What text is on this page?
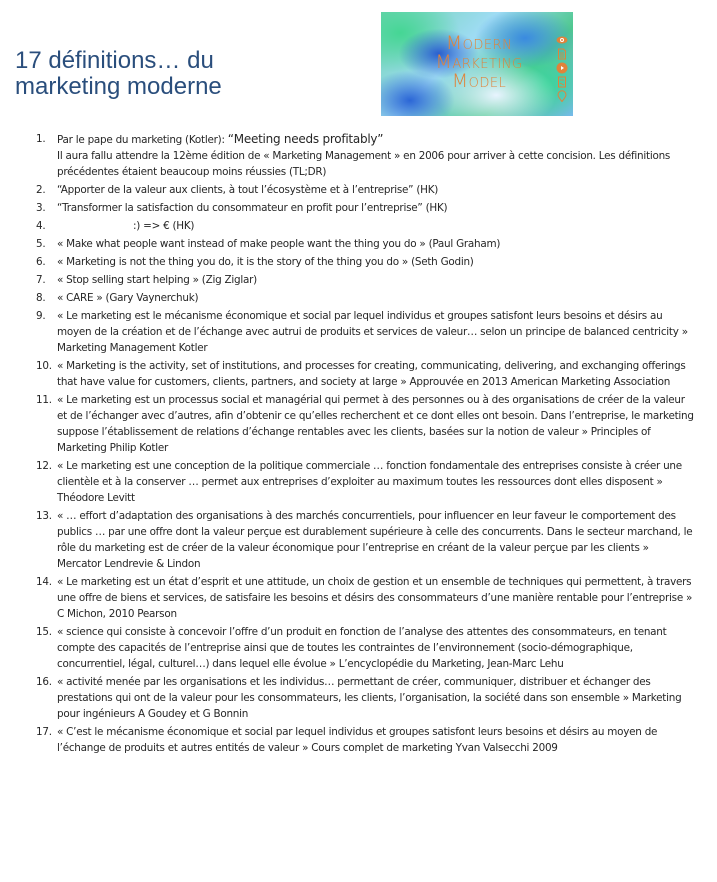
17 définitions… du
marketing moderne
Modern
Marketing
Model
1. Par le pape du marketing (Kotler): “Meeting needs profitably”
Il aura fallu attendre la 12ème édition de « Marketing Management » en 2006 pour arriver à cette concision. Les définitions précédentes étaient beaucoup moins réussies (TL;DR)
2. “Apporter de la valeur aux clients, à tout l’écosystème et à l’entreprise” (HK)
3. “Transformer la satisfaction du consommateur en profit pour l’entreprise” (HK)
4.	:) => € (HK)
5. « Make what people want instead of make people want the thing you do » (Paul Graham)
6. « Marketing is not the thing you do, it is the story of the thing you do » (Seth Godin)
7. « Stop selling start helping » (Zig Ziglar)
8. « CARE » (Gary Vaynerchuk)
9. « Le marketing est le mécanisme économique et social par lequel individus et groupes satisfont leurs besoins et désirs au moyen de la création et de l’échange avec autrui de produits et services de valeur… selon un principe de balanced centricity » Marketing Management Kotler
10. « Marketing is the activity, set of institutions, and processes for creating, communicating, delivering, and exchanging offerings that have value for customers, clients, partners, and society at large » Approuvée en 2013 American Marketing Association
11. « Le marketing est un processus social et managérial qui permet à des personnes ou à des organisations de créer de la valeur et de l’échanger avec d’autres, afin d’obtenir ce qu’elles recherchent et ce dont elles ont besoin. Dans l’entreprise, le marketing suppose l’établissement de relations d’échange rentables avec les clients, basées sur la notion de valeur » Principles of Marketing Philip Kotler
12. « Le marketing est une conception de la politique commerciale … fonction fondamentale des entreprises consiste à créer une clientèle et à la conserver … permet aux entreprises d’exploiter au maximum toutes les ressources dont elles disposent » Théodore Levitt
13. « … effort d’adaptation des organisations à des marchés concurrentiels, pour influencer en leur faveur le comportement des publics … par une offre dont la valeur perçue est durablement supérieure à celle des concurrents. Dans le secteur marchand, le rôle du marketing est de créer de la valeur économique pour l’entreprise en créant de la valeur perçue par les clients » Mercator Lendrevie & Lindon
14. « Le marketing est un état d’esprit et une attitude, un choix de gestion et un ensemble de techniques qui permettent, à travers une offre de biens et services, de satisfaire les besoins et désirs des consommateurs d’une manière rentable pour l’entreprise » C Michon, 2010 Pearson
15. « science qui consiste à concevoir l’offre d’un produit en fonction de l’analyse des attentes des consommateurs, en tenant compte des capacités de l’entreprise ainsi que de toutes les contraintes de l’environnement (socio-démographique, concurrentiel, légal, culturel…) dans lequel elle évolue » L’encyclopédie du Marketing, Jean-Marc Lehu
16. « activité menée par les organisations et les individus… permettant de créer, communiquer, distribuer et échanger des prestations qui ont de la valeur pour les consommateurs, les clients, l’organisation, la société dans son ensemble » Marketing pour ingénieurs A Goudey et G Bonnin
17. « C’est le mécanisme économique et social par lequel individus et groupes satisfont leurs besoins et désirs au moyen de l’échange de produits et autres entités de valeur » Cours complet de marketing Yvan Valsecchi 2009
